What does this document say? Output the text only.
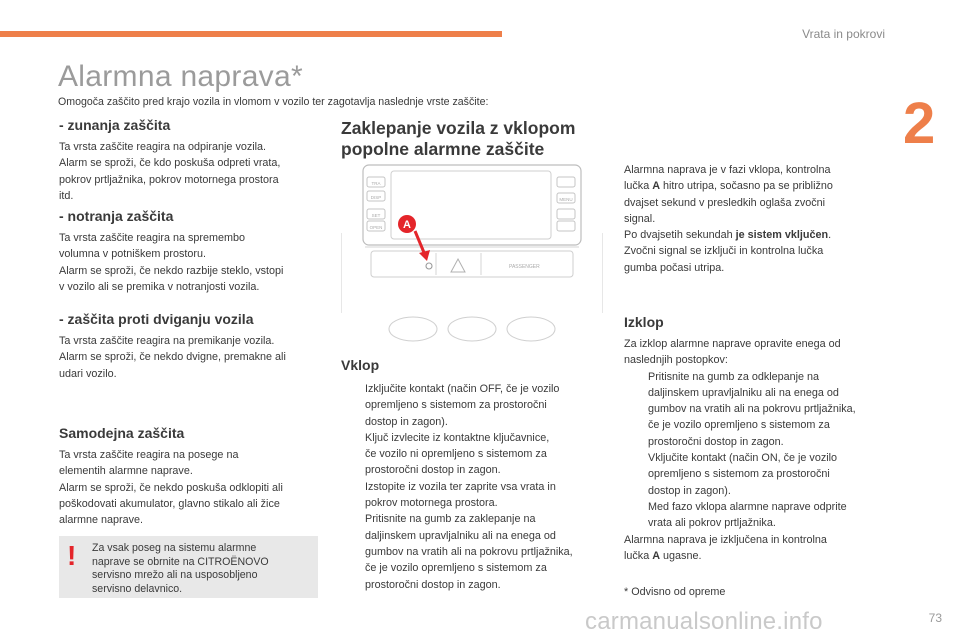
Vrata in pokrovi
2
Alarmna naprava*
Omogoča zaščito pred krajo vozila in vlomom v vozilo ter zagotavlja naslednje vrste zaščite:
- zunanja zaščita

Ta vrsta zaščite reagira na odpiranje vozila.

Alarm se sproži, če kdo poskuša odpreti vrata,

pokrov prtljažnika, pokrov motornega prostora

itd.

- notranja zaščita

Ta vrsta zaščite reagira na spremembo

volumna v potniškem prostoru.

Alarm se sproži, če nekdo razbije steklo, vstopi

v vozilo ali se premika v notranjosti vozila.

- zaščita proti dviganju vozila

Ta vrsta zaščite reagira na premikanje vozila.

Alarm se sproži, če nekdo dvigne, premakne ali

udari vozilo.

Samodejna zaščita

Ta vrsta zaščite reagira na posege na

elementih alarmne naprave.

Alarm se sproži, če nekdo poskuša odklopiti ali

poškodovati akumulator, glavno stikalo ali žice

alarmne naprave.

! Za vsak poseg na sistemu alarmne
naprave se obrnite na CITROËNOVO
servisno mrežo ali na usposobljeno
servisno delavnico.
Zaklepanje vozila z vklopom
popolne alarmne zaščite
TRA
DISP
SET
OPEN
MENU
PASSENGER
A
Vklop
Izključite kontakt (način OFF, če je vozilo
opremljeno s sistemom za prostoročni
dostop in zagon).
Ključ izvlecite iz kontaktne ključavnice,
če vozilo ni opremljeno s sistemom za
prostoročni dostop in zagon.
Izstopite iz vozila ter zaprite vsa vrata in
pokrov motornega prostora.
Pritisnite na gumb za zaklepanje na
daljinskem upravljalniku ali na enega od
gumbov na vratih ali na pokrovu prtljažnika,
če je vozilo opremljeno s sistemom za
prostoročni dostop in zagon.

Alarmna naprava je v fazi vklopa, kontrolna

lučka A hitro utripa, sočasno pa se približno

dvajset sekund v presledkih oglaša zvočni

signal.

Po dvajsetih sekundah je sistem vključen.

Zvočni signal se izključi in kontrolna lučka

gumba počasi utripa.

Izklop

Za izklop alarmne naprave opravite enega od

naslednjih postopkov:

Pritisnite na gumb za odklepanje na
daljinskem upravljalniku ali na enega od
gumbov na vratih ali na pokrovu prtljažnika,
če je vozilo opremljeno s sistemom za
prostoročni dostop in zagon.
Vključite kontakt (način ON, če je vozilo
opremljeno s sistemom za prostoročni
dostop in zagon).
Med fazo vklopa alarmne naprave odprite
vrata ali pokrov prtljažnika.

Alarmna naprava je izključena in kontrolna

lučka A ugasne.

* Odvisno od opreme

carmanualsonline.info	73
